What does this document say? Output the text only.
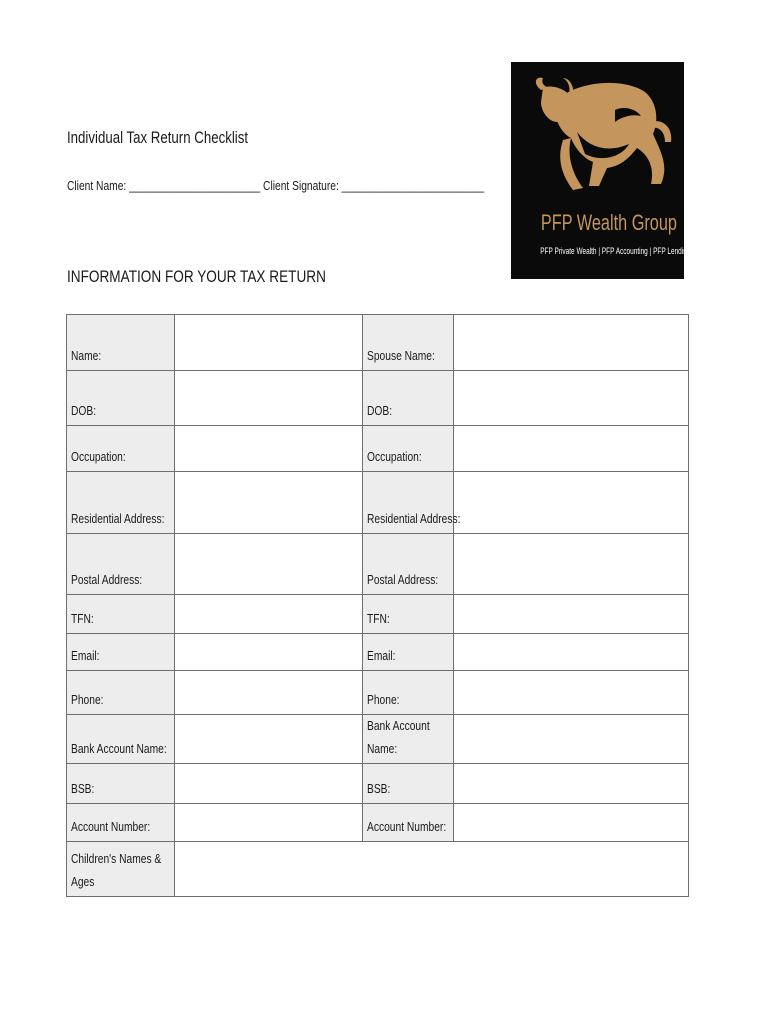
Individual Tax Return Checklist
Client Name: _______________________ Client Signature: _________________________
PFP Wealth Group
PFP Private Wealth | PFP Accounting | PFP Lending
INFORMATION FOR YOUR TAX RETURN
Name:		Spouse Name:	
DOB:		DOB:	
Occupation:		Occupation:	
Residential Address:		Residential Address:	
Postal Address:		Postal Address:	
TFN:		TFN:	
Email:		Email:	
Phone:		Phone:	
Bank Account Name:		Bank Account Name:	
BSB:		BSB:	
Account Number:		Account Number:	
Children's Names & Ages			
